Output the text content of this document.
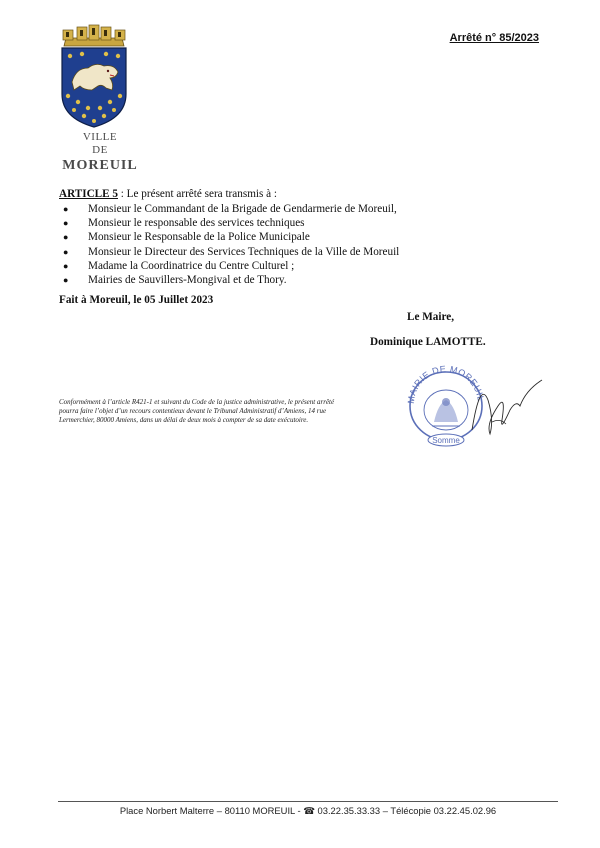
VILLE
DE
MOREUIL
Arrêté n° 85/2023
ARTICLE 5 : Le présent arrêté sera transmis à :
● Monsieur le Commandant de la Brigade de Gendarmerie de Moreuil,
● Monsieur le responsable des services techniques
● Monsieur le Responsable de la Police Municipale
● Monsieur le Directeur des Services Techniques de la Ville de Moreuil
● Madame la Coordinatrice du Centre Culturel ;
● Mairies de Sauvillers-Mongival et de Thory.
Fait à Moreuil, le 05 Juillet 2023
Le Maire,
Dominique LAMOTTE.
Conformément à l’article R421-1 et suivant du Code de la justice administrative, le présent arrêté pourra faire l’objet d’un recours contentieux devant le Tribunal Administratif d’Amiens, 14 rue Lermerchier, 80000 Amiens, dans un délai de deux mois à compter de sa date exécutoire.
MAIRIE DE MOREUIL
Somme
Place Norbert Malterre – 80110 MOREUIL - ☎ 03.22.35.33.33 – Télécopie 03.22.45.02.96
